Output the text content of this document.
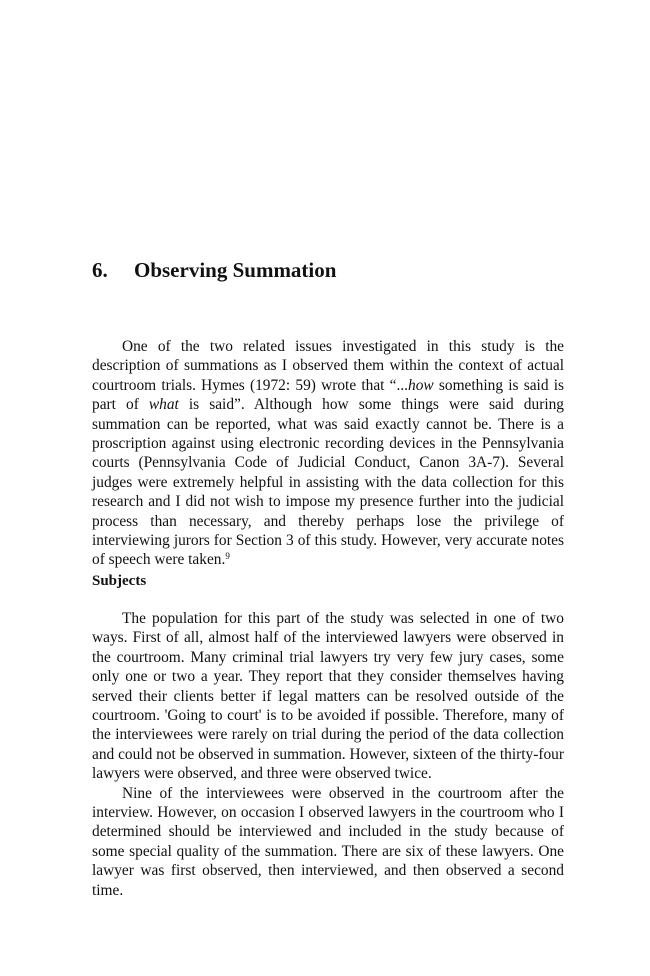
6. Observing Summation

One of the two related issues investigated in this study is the description of summations as I observed them within the context of actual courtroom trials. Hymes (1972: 59) wrote that “...how something is said is part of what is said”. Although how some things were said during summation can be reported, what was said exactly cannot be. There is a proscription against using electronic recording devices in the Pennsylvania courts (Pennsylvania Code of Judicial Conduct, Canon 3A-7). Several judges were extremely helpful in assisting with the data collection for this research and I did not wish to impose my presence further into the judicial process than necessary, and thereby perhaps lose the privilege of interviewing jurors for Section 3 of this study. However, very accurate notes of speech were taken.$^9$

Subjects

The population for this part of the study was selected in one of two ways. First of all, almost half of the interviewed lawyers were observed in the courtroom. Many criminal trial lawyers try very few jury cases, some only one or two a year. They report that they consider themselves having served their clients better if legal matters can be resolved outside of the courtroom. 'Going to court' is to be avoided if possible. Therefore, many of the interviewees were rarely on trial during the period of the data collection and could not be observed in summation. However, sixteen of the thirty-four lawyers were observed, and three were observed twice.

Nine of the interviewees were observed in the courtroom after the interview. However, on occasion I observed lawyers in the courtroom who I determined should be interviewed and included in the study because of some special quality of the summation. There are six of these lawyers. One lawyer was first observed, then interviewed, and then observed a second time.
